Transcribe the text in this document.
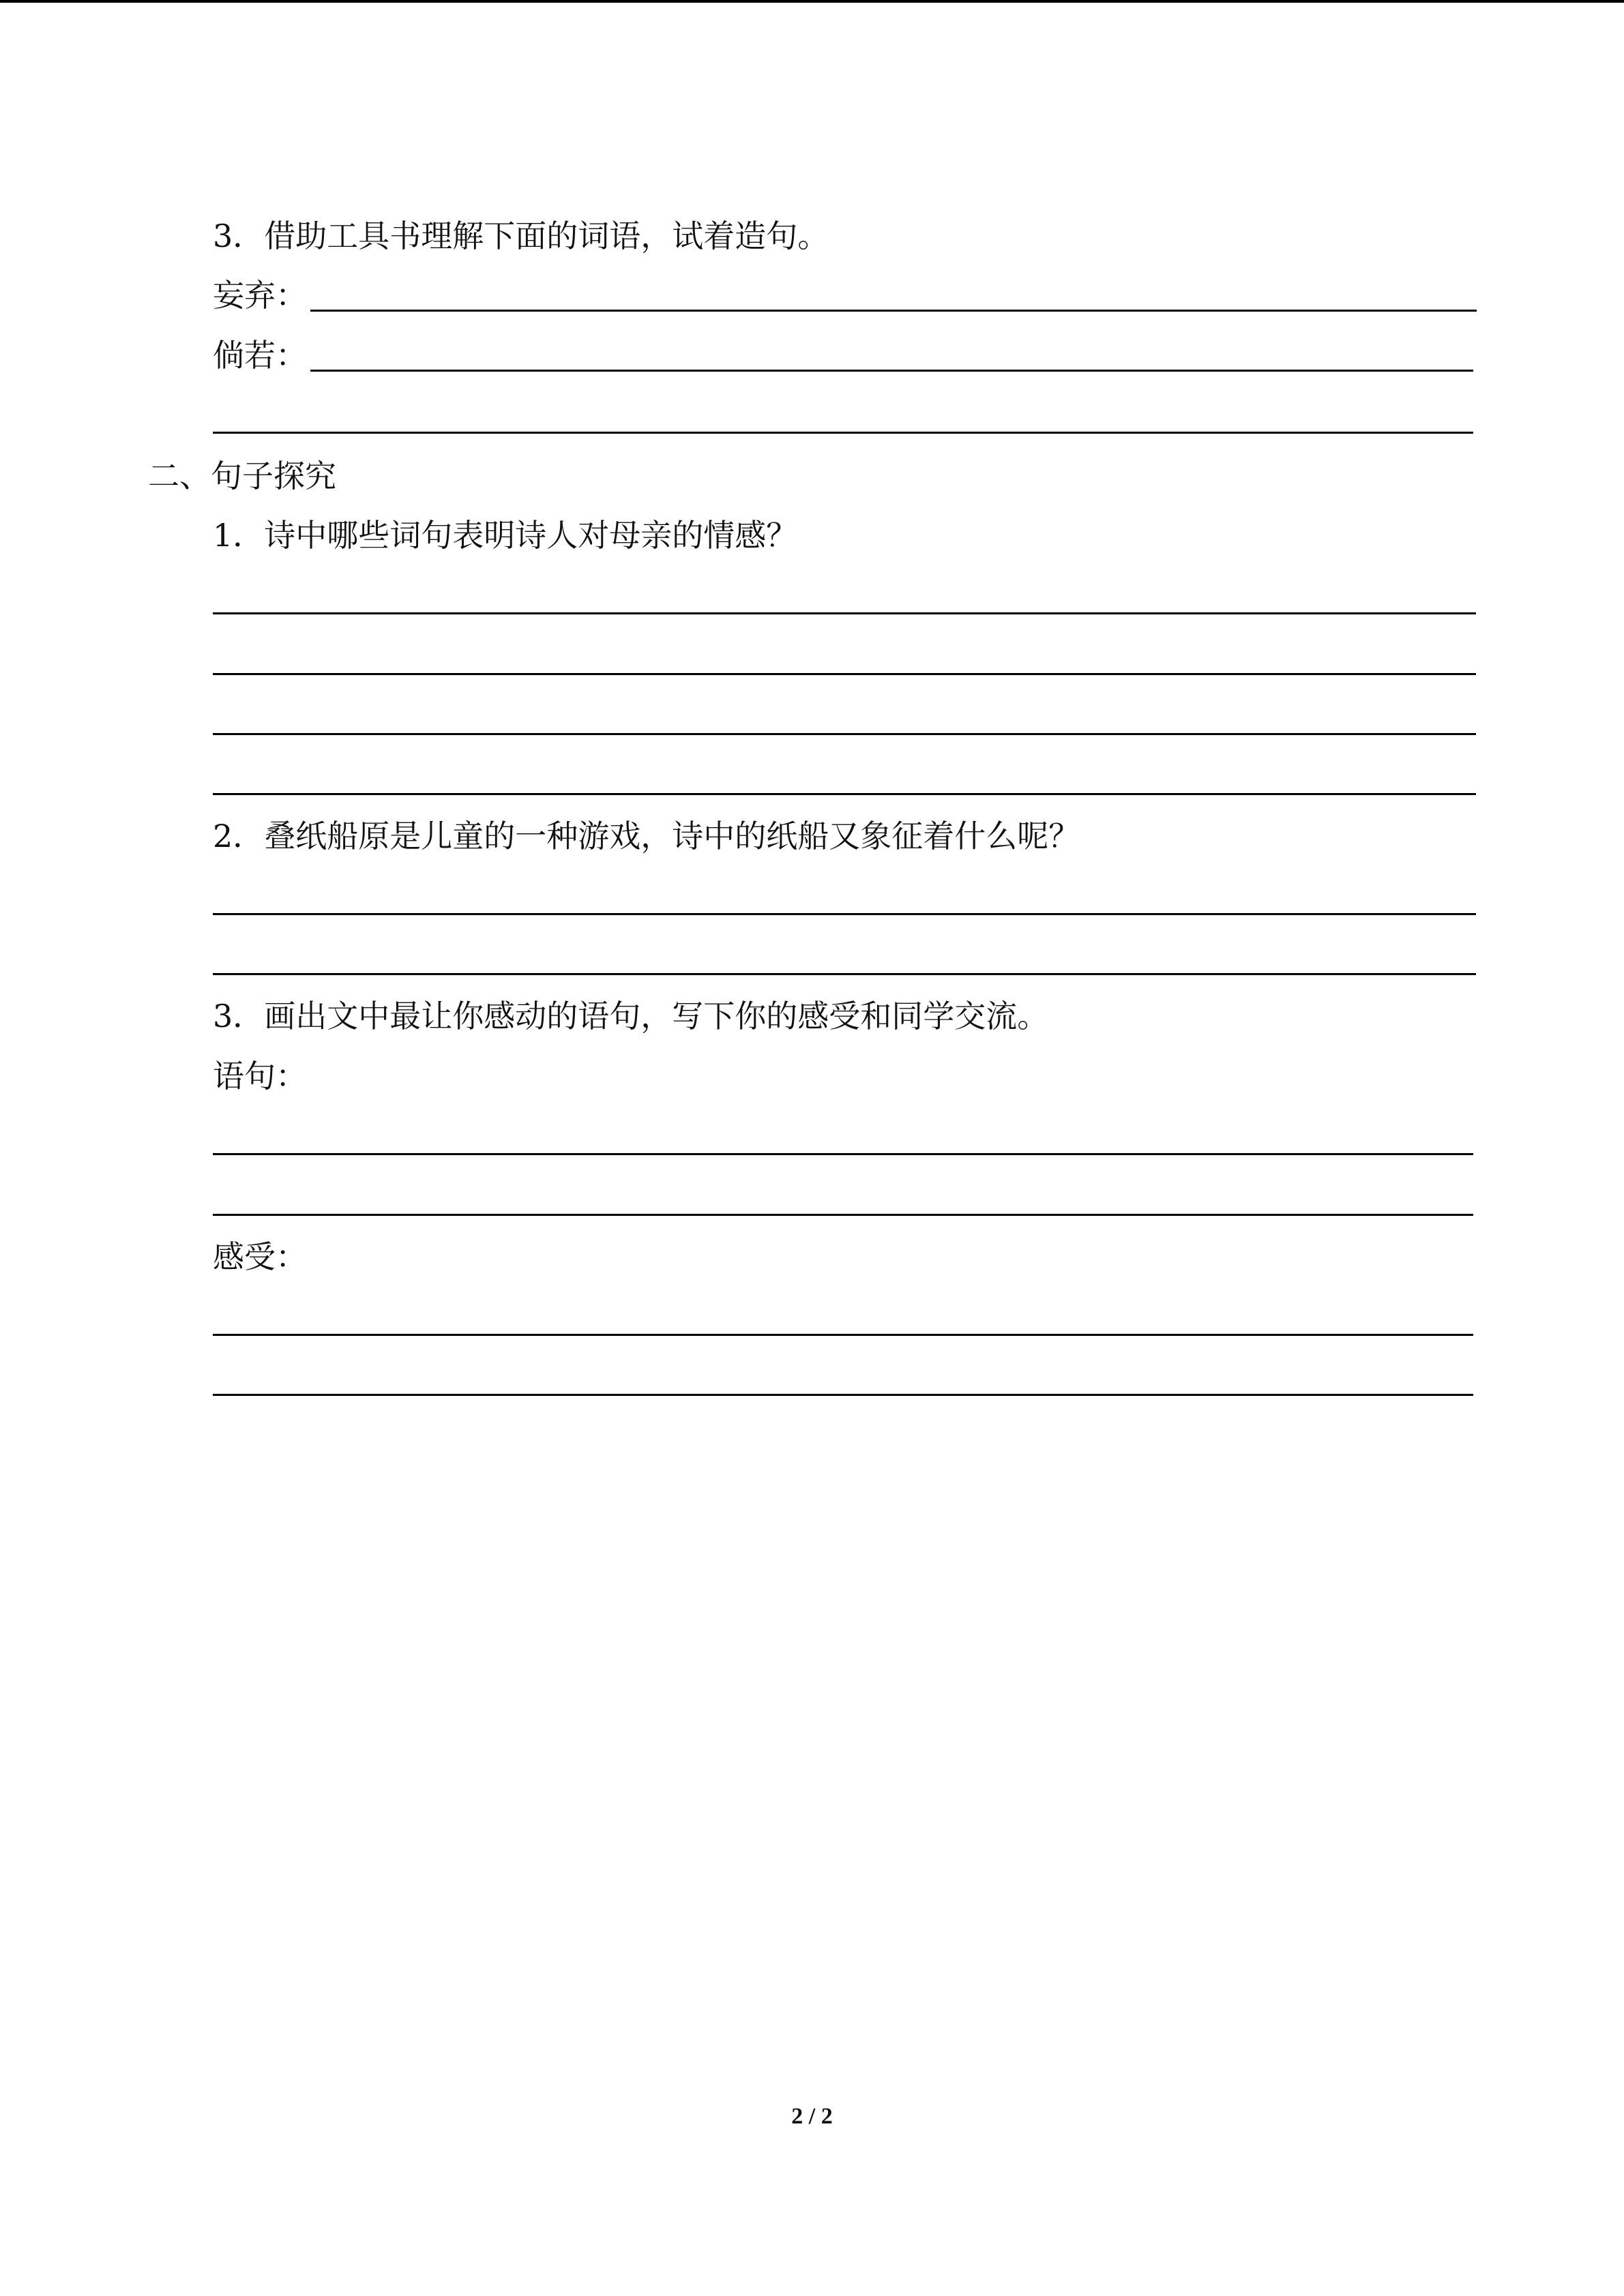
3．借助工具书理解下面的词语，试着造句。
妄弃：
倘若：
二、句子探究
1．诗中哪些词句表明诗人对母亲的情感？
2．叠纸船原是儿童的一种游戏，诗中的纸船又象征着什么呢？
3．画出文中最让你感动的语句，写下你的感受和同学交流。
语句：
感受：
2 / 2
